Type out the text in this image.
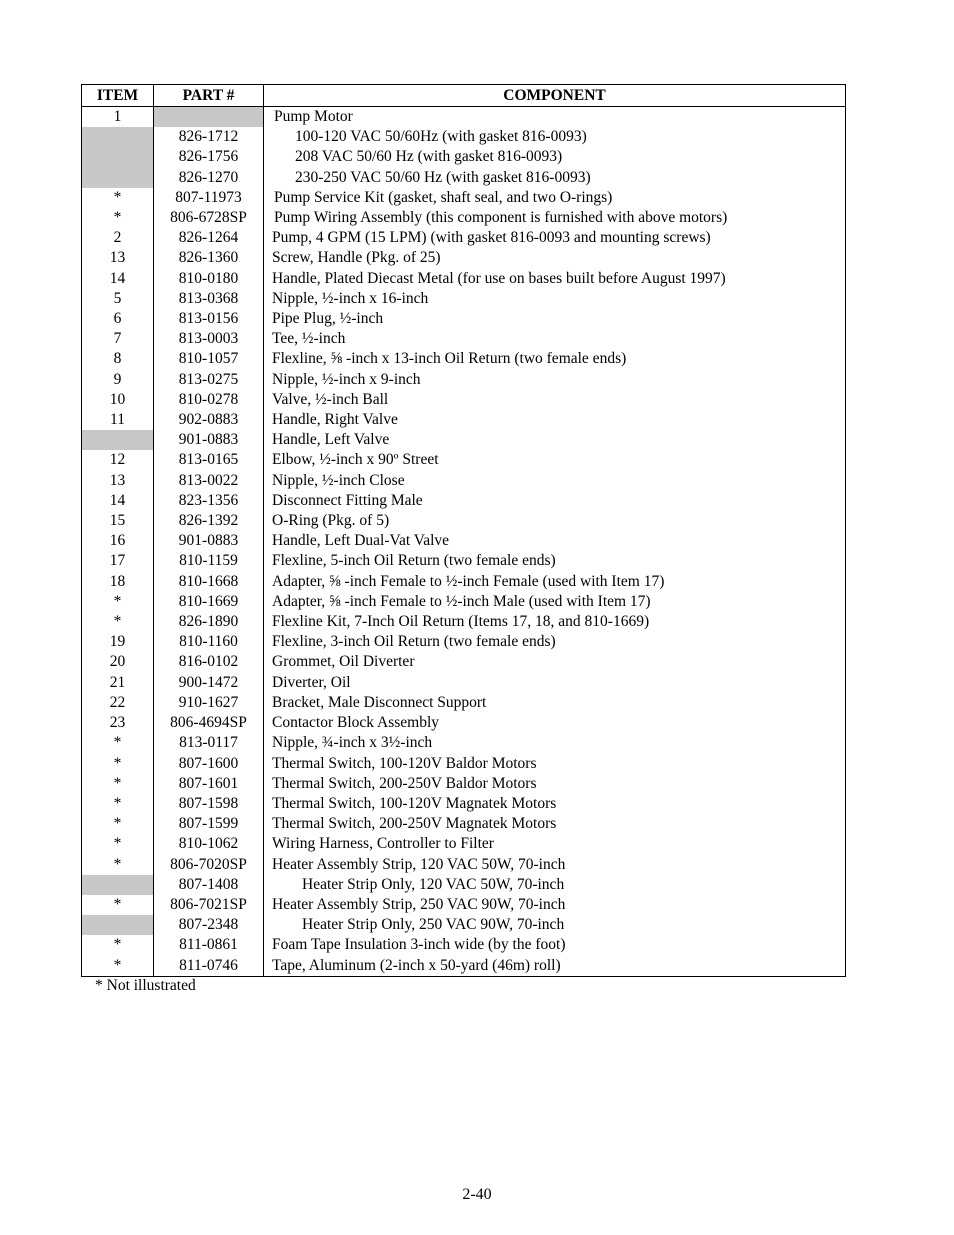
ITEM	PART #	COMPONENT
1		Pump Motor
	826-1712	100-120 VAC 50/60Hz (with gasket 816-0093)
	826-1756	208 VAC 50/60 Hz (with gasket 816-0093)
	826-1270	230-250 VAC 50/60 Hz (with gasket 816-0093)
*	807-11973	Pump Service Kit (gasket, shaft seal, and two O-rings)
*	806-6728SP	Pump Wiring Assembly (this component is furnished with above motors)
2	826-1264	Pump, 4 GPM (15 LPM) (with gasket 816-0093 and mounting screws)
13	826-1360	Screw, Handle (Pkg. of 25)
14	810-0180	Handle, Plated Diecast Metal (for use on bases built before August 1997)
5	813-0368	Nipple, ½-inch x 16-inch
6	813-0156	Pipe Plug, ½-inch
7	813-0003	Tee, ½-inch
8	810-1057	Flexline, ⅝ -inch x 13-inch Oil Return (two female ends)
9	813-0275	Nipple, ½-inch x 9-inch
10	810-0278	Valve, ½-inch Ball
11	902-0883	Handle, Right Valve
	901-0883	Handle, Left Valve
12	813-0165	Elbow, ½-inch x 90º Street
13	813-0022	Nipple, ½-inch Close
14	823-1356	Disconnect Fitting Male
15	826-1392	O-Ring (Pkg. of 5)
16	901-0883	Handle, Left Dual-Vat Valve
17	810-1159	Flexline, 5-inch Oil Return (two female ends)
18	810-1668	Adapter, ⅝ -inch Female to ½-inch Female (used with Item 17)
*	810-1669	Adapter, ⅝ -inch Female to ½-inch Male (used with Item 17)
*	826-1890	Flexline Kit, 7-Inch Oil Return (Items 17, 18, and 810-1669)
19	810-1160	Flexline, 3-inch Oil Return (two female ends)
20	816-0102	Grommet, Oil Diverter
21	900-1472	Diverter, Oil
22	910-1627	Bracket, Male Disconnect Support
23	806-4694SP	Contactor Block Assembly
*	813-0117	Nipple, ¾-inch x 3½-inch
*	807-1600	Thermal Switch, 100-120V Baldor Motors
*	807-1601	Thermal Switch, 200-250V Baldor Motors
*	807-1598	Thermal Switch, 100-120V Magnatek Motors
*	807-1599	Thermal Switch, 200-250V Magnatek Motors
*	810-1062	Wiring Harness, Controller to Filter
*	806-7020SP	Heater Assembly Strip, 120 VAC 50W, 70-inch
	807-1408	Heater Strip Only, 120 VAC 50W, 70-inch
*	806-7021SP	Heater Assembly Strip, 250 VAC 90W, 70-inch
	807-2348	Heater Strip Only, 250 VAC 90W, 70-inch
*	811-0861	Foam Tape Insulation 3-inch wide (by the foot)
*	811-0746	Tape, Aluminum (2-inch x 50-yard (46m) roll)
* Not illustrated
2-40
